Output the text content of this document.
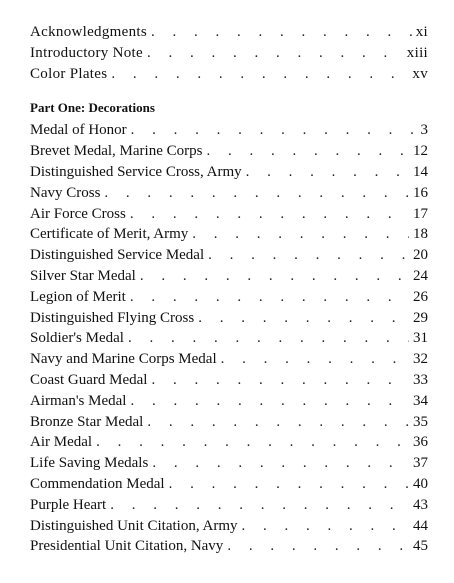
Acknowledgments . . .	xi
Introductory Note . . .	xiii
Color Plates . . .	xv
Part One: Decorations
Medal of Honor . . .	3
Brevet Medal, Marine Corps . . .	12
Distinguished Service Cross, Army . . .	14
Navy Cross . . .	16
Air Force Cross . . .	17
Certificate of Merit, Army . . .	18
Distinguished Service Medal . . .	20
Silver Star Medal . . .	24
Legion of Merit . . .	26
Distinguished Flying Cross . . .	29
Soldier's Medal . . .	31
Navy and Marine Corps Medal . . .	32
Coast Guard Medal . . .	33
Airman's Medal . . .	34
Bronze Star Medal . . .	35
Air Medal . . .	36
Life Saving Medals . . .	37
Commendation Medal . . .	40
Purple Heart . . .	43
Distinguished Unit Citation, Army . . .	44
Presidential Unit Citation, Navy . . .	45
